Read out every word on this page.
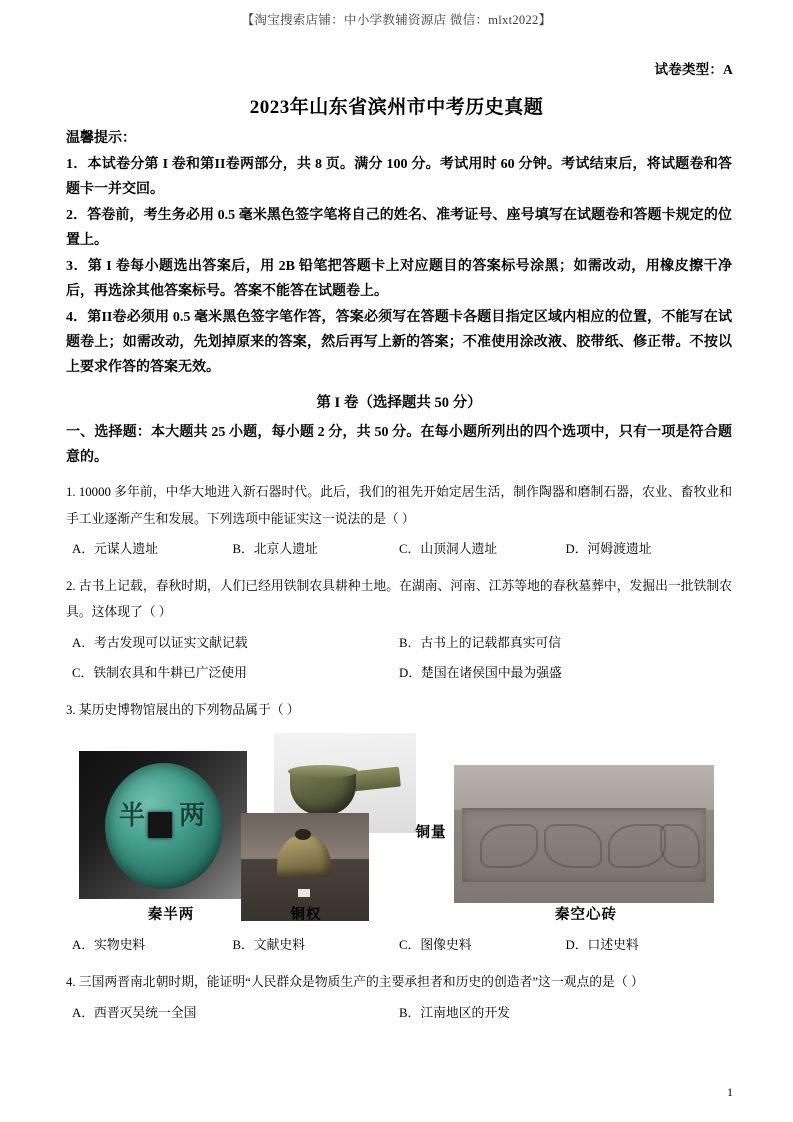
【淘宝搜索店铺：中小学教辅资源店 微信：mlxt2022】
试卷类型：A
2023年山东省滨州市中考历史真题
温馨提示：

1．本试卷分第 I 卷和第II卷两部分，共 8 页。满分 100 分。考试用时 60 分钟。考试结束后，将试题卷和答题卡一并交回。

2．答卷前，考生务必用 0.5 毫米黑色签字笔将自己的姓名、准考证号、座号填写在试题卷和答题卡规定的位置上。

3．第 I 卷每小题选出答案后，用 2B 铅笔把答题卡上对应题目的答案标号涂黑；如需改动，用橡皮擦干净后，再选涂其他答案标号。答案不能答在试题卷上。

4．第II卷必须用 0.5 毫米黑色签字笔作答，答案必须写在答题卡各题目指定区域内相应的位置，不能写在试题卷上；如需改动，先划掉原来的答案，然后再写上新的答案；不准使用涂改液、胶带纸、修正带。不按以上要求作答的答案无效。

第 I 卷（选择题共 50 分）
一、选择题：本大题共 25 小题，每小题 2 分，共 50 分。在每小题所列出的四个选项中，只有一项是符合题意的。
1. 10000 多年前，中华大地进入新石器时代。此后，我们的祖先开始定居生活，制作陶器和磨制石器，农业、畜牧业和手工业逐渐产生和发展。下列选项中能证实这一说法的是（ ）
A．元谋人遗址	B．北京人遗址	C．山顶洞人遗址	D．河姆渡遗址
2. 古书上记载，春秋时期，人们已经用铁制农具耕种土地。在湖南、河南、江苏等地的春秋墓葬中，发掘出一批铁制农具。这体现了（ ）
A．考古发现可以证实文献记载	B．古书上的记载都真实可信
C．铁制农具和牛耕已广泛使用	D．楚国在诸侯国中最为强盛
3. 某历史博物馆展出的下列物品属于（ ）
半 两
秦半两	铜权
铜量
秦空心砖
A．实物史料	B．文献史料	C．图像史料	D．口述史料
4. 三国两晋南北朝时期，能证明“人民群众是物质生产的主要承担者和历史的创造者”这一观点的是（ ）
A．西晋灭吴统一全国	B．江南地区的开发
1
